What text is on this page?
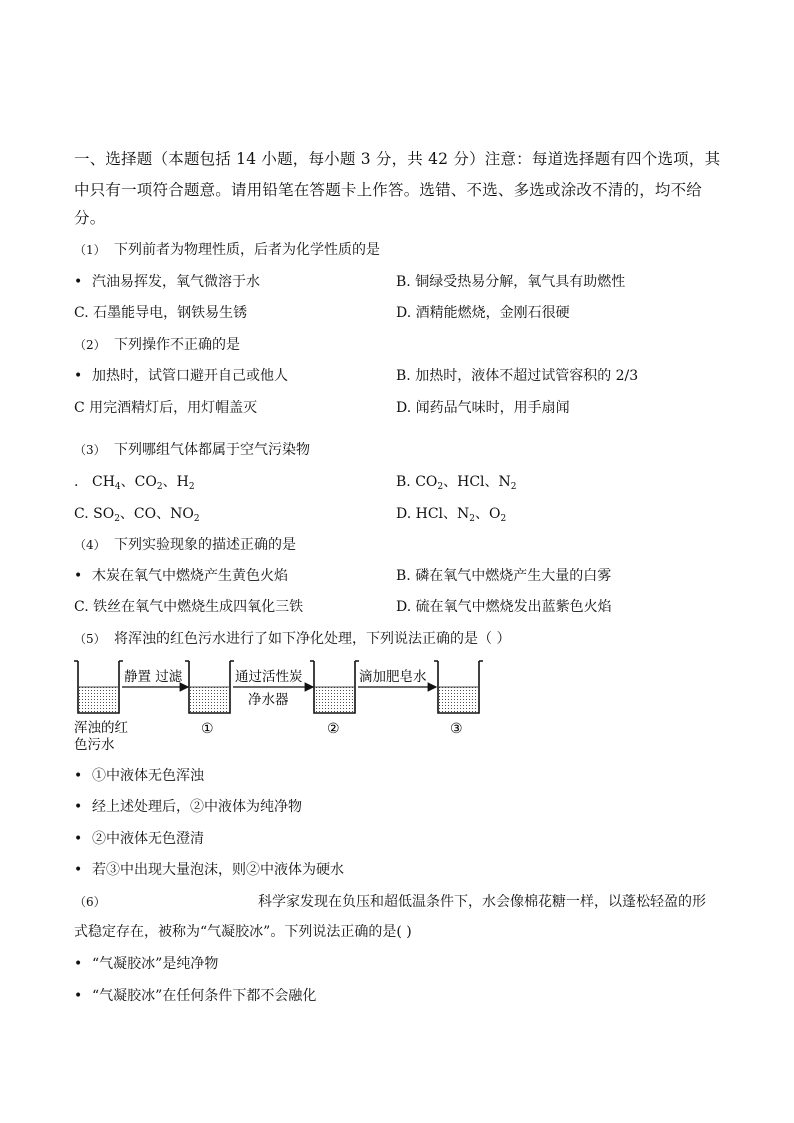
一、选择题（本题包括 14 小题，每小题 3 分，共 42 分）注意：每道选择题有四个选项，其
中只有一项符合题意。请用铅笔在答题卡上作答。选错、不选、多选或涂改不清的，均不给
分。
（1） 下列前者为物理性质，后者为化学性质的是
• 汽油易挥发，氧气微溶于水	B. 铜绿受热易分解，氧气具有助燃性
C. 石墨能导电，钢铁易生锈	D. 酒精能燃烧，金刚石很硬
（2） 下列操作不正确的是
• 加热时，试管口避开自己或他人	B. 加热时，液体不超过试管容积的 2/3
C 用完酒精灯后，用灯帽盖灭	D. 闻药品气味时，用手扇闻
（3） 下列哪组气体都属于空气污染物
. $CH_4$、$CO_2$、$H_2$	B. $CO_2$、HCl、$N_2$
C. $SO_2$、CO、$NO_2$	D. HCl、$N_2$、$O_2$
（4） 下列实验现象的描述正确的是
• 木炭在氧气中燃烧产生黄色火焰	B. 磷在氧气中燃烧产生大量的白雾
C. 铁丝在氧气中燃烧生成四氧化三铁	D. 硫在氧气中燃烧发出蓝紫色火焰
（5） 将浑浊的红色污水进行了如下净化处理，下列说法正确的是（ ）
静置 过滤	通过活性炭
净水器
滴加肥皂水
浑浊的红
色污水
①	②	③
• ①中液体无色浑浊
• 经上述处理后，②中液体为纯净物
• ②中液体无色澄清
• 若③中出现大量泡沫，则②中液体为硬水
（6）	科学家发现在负压和超低温条件下，水会像棉花糖一样，以蓬松轻盈的形
式稳定存在，被称为“气凝胶冰”。下列说法正确的是( )
• “气凝胶冰”是纯净物
• “气凝胶冰”在任何条件下都不会融化
